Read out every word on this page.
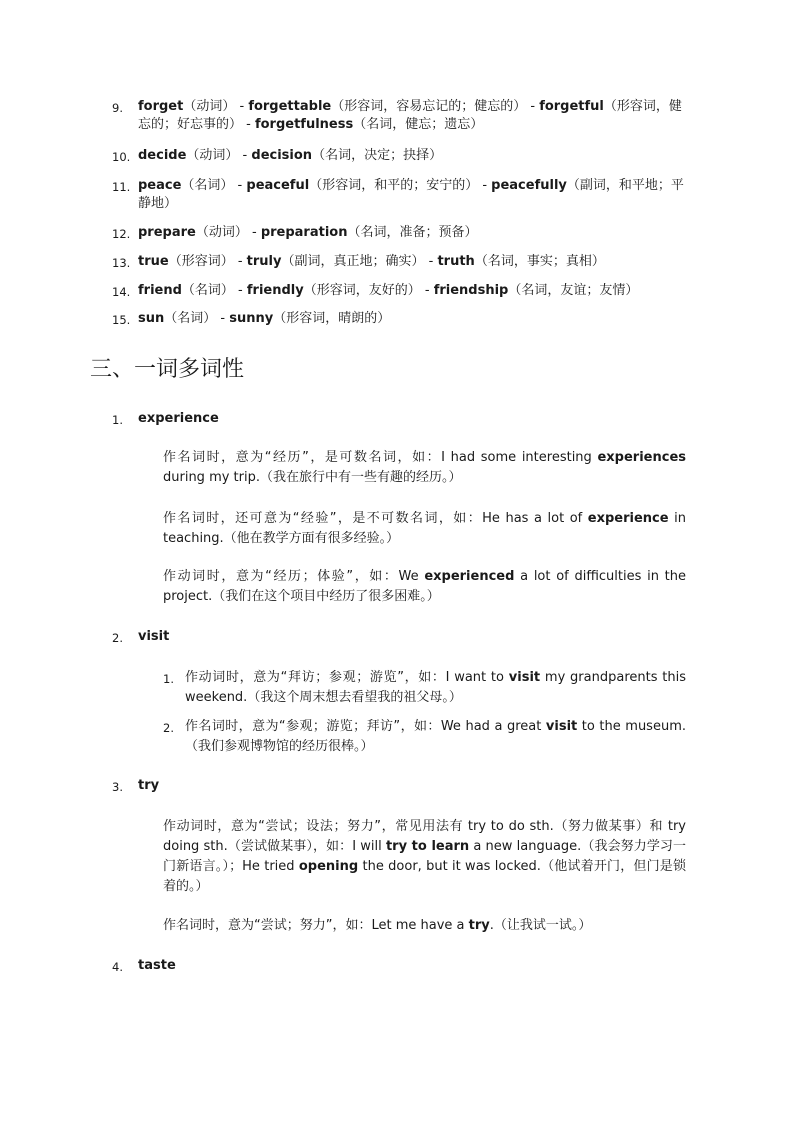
9.	forget（动词） - forgettable（形容词，容易忘记的；健忘的） - forgetful（形容词，健忘的；好忘事的） - forgetfulness（名词，健忘；遗忘）
10. decide（动词） - decision（名词，决定；抉择）
11. peace（名词） - peaceful（形容词，和平的；安宁的） - peacefully（副词，和平地；平静地）
12. prepare（动词） - preparation（名词，准备；预备）
13. true（形容词） - truly（副词，真正地；确实） - truth（名词，事实；真相）
14. friend（名词） - friendly（形容词，友好的） - friendship（名词，友谊；友情）
15. sun（名词） - sunny（形容词，晴朗的）
三、一词多词性
1.	experience

作名词时，意为“经历”，是可数名词，如：I had some interesting experiences during my trip.（我在旅行中有一些有趣的经历。）

作名词时，还可意为“经验”，是不可数名词，如：He has a lot of experience in teaching.（他在教学方面有很多经验。）

作动词时，意为“经历；体验”，如：We experienced a lot of difficulties in the project.（我们在这个项目中经历了很多困难。）

2.	visit
1. 作动词时，意为“拜访；参观；游览”，如：I want to visit my grandparents this weekend.（我这个周末想去看望我的祖父母。）
2. 作名词时，意为“参观；游览；拜访”，如：We had a great visit to the museum.（我们参观博物馆的经历很棒。）
3.	try

作动词时，意为“尝试；设法；努力”，常见用法有 try to do sth.（努力做某事）和 try doing sth.（尝试做某事），如：I will try to learn a new language.（我会努力学习一门新语言。）；He tried opening the door, but it was locked.（他试着开门，但门是锁着的。）

作名词时，意为“尝试；努力”，如：Let me have a try.（让我试一试。）

4.	taste
